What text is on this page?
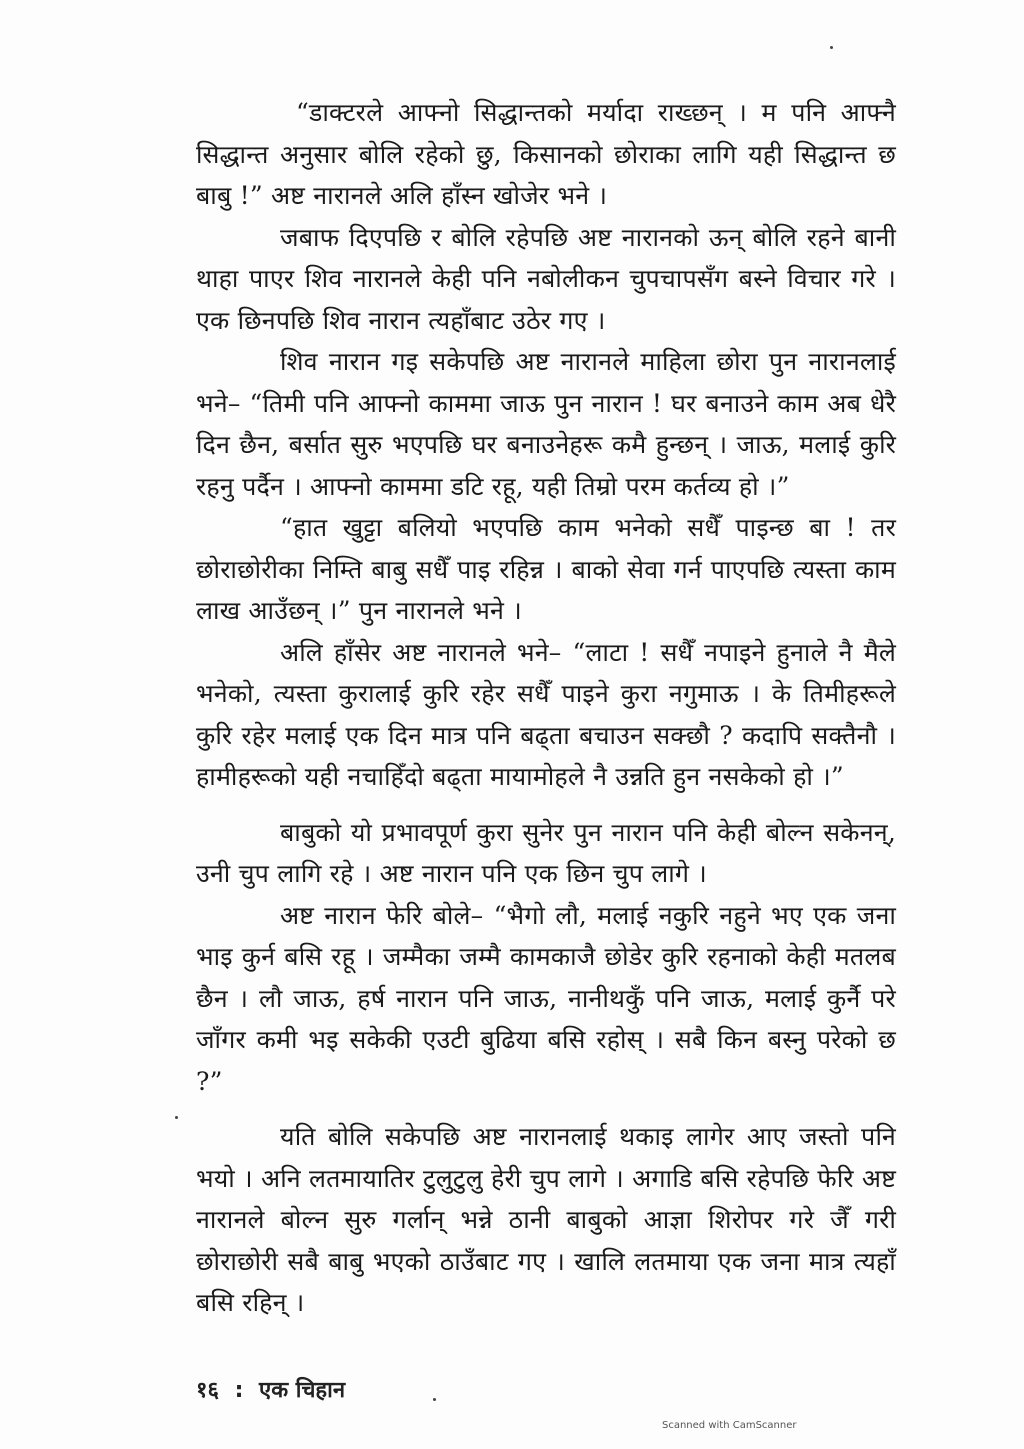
“डाक्टरले आफ्नो सिद्धान्तको मर्यादा राख्छन् । म पनि आफ्नै सिद्धान्त अनुसार बोलि रहेको छु, किसानको छोराका लागि यही सिद्धान्त छ बाबु !” अष्ट नारानले अलि हाँस्न खोजेर भने ।

जबाफ दिएपछि र बोलि रहेपछि अष्ट नारानको ऊन् बोलि रहने बानी थाहा पाएर शिव नारानले केही पनि नबोलीकन चुपचापसँग बस्ने विचार गरे । एक छिनपछि शिव नारान त्यहाँबाट उठेर गए ।

शिव नारान गइ सकेपछि अष्ट नारानले माहिला छोरा पुन नारानलाई भने– “तिमी पनि आफ्नो काममा जाऊ पुन नारान ! घर बनाउने काम अब धेरै दिन छैन, बर्सात सुरु भएपछि घर बनाउनेहरू कमै हुन्छन् । जाऊ, मलाई कुरि रहनु पर्दैन । आफ्नो काममा डटि रहू, यही तिम्रो परम कर्तव्य हो ।”

“हात खुट्टा बलियो भएपछि काम भनेको सधैँ पाइन्छ बा ! तर छोराछोरीका निम्ति बाबु सधैँ पाइ रहिन्न । बाको सेवा गर्न पाएपछि त्यस्ता काम लाख आउँछन् ।” पुन नारानले भने ।

अलि हाँसेर अष्ट नारानले भने– “लाटा ! सधैँ नपाइने हुनाले नै मैले भनेको, त्यस्ता कुरालाई कुरि रहेर सधैँ पाइने कुरा नगुमाऊ । के तिमीहरूले कुरि रहेर मलाई एक दिन मात्र पनि बढ्ता बचाउन सक्छौ ? कदापि सक्तैनौ । हामीहरूको यही नचाहिँदो बढ्ता मायामोहले नै उन्नति हुन नसकेको हो ।”

बाबुको यो प्रभावपूर्ण कुरा सुनेर पुन नारान पनि केही बोल्न सकेनन्, उनी चुप लागि रहे । अष्ट नारान पनि एक छिन चुप लागे ।

अष्ट नारान फेरि बोले– “भैगो लौ, मलाई नकुरि नहुने भए एक जना भाइ कुर्न बसि रहू । जम्मैका जम्मै कामकाजै छोडेर कुरि रहनाको केही मतलब छैन । लौ जाऊ, हर्ष नारान पनि जाऊ, नानीथकुँ पनि जाऊ, मलाई कुर्नै परे जाँगर कमी भइ सकेकी एउटी बुढिया बसि रहोस् । सबै किन बस्नु परेको छ ?”

यति बोलि सकेपछि अष्ट नारानलाई थकाइ लागेर आए जस्तो पनि भयो । अनि लतमायातिर टुलुटुलु हेरी चुप लागे । अगाडि बसि रहेपछि फेरि अष्ट नारानले बोल्न सुरु गर्लान् भन्ने ठानी बाबुको आज्ञा शिरोपर गरे जैँ गरी छोराछोरी सबै बाबु भएको ठाउँबाट गए । खालि लतमाया एक जना मात्र त्यहाँ बसि रहिन् ।

१६ : एक चिहान
Scanned with CamScanner
